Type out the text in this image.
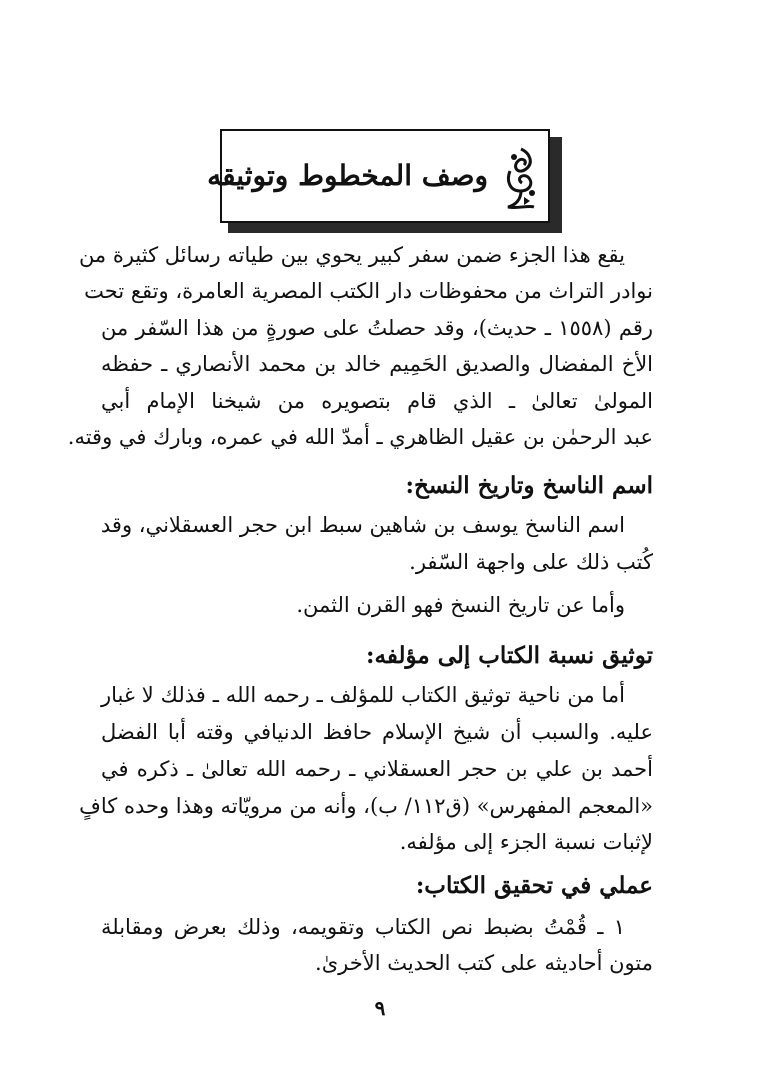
وصف المخطوط وتوثيقه
يقع هذا الجزء ضمن سفر كبير يحوي بين طياته رسائل كثيرة من
نوادر التراث من محفوظات دار الكتب المصرية العامرة، وتقع تحت
رقم (١٥٥٨ ـ حديث)، وقد حصلتُ على صورةٍ من هذا السّفر من
الأخ المفضال والصديق الحَمِيم خالد بن محمد الأنصاري ـ حفظه
المولىٰ تعالىٰ ـ الذي قام بتصويره من شيخنا الإمام أبي
عبد الرحمٰن بن عقيل الظاهري ـ أمدّ الله في عمره، وبارك في وقته.
اسم الناسخ وتاريخ النسخ:
اسم الناسخ يوسف بن شاهين سبط ابن حجر العسقلاني، وقد
كُتب ذلك على واجهة السّفر.
وأما عن تاريخ النسخ فهو القرن الثمن.
توثيق نسبة الكتاب إلى مؤلفه:
أما من ناحية توثيق الكتاب للمؤلف ـ رحمه الله ـ فذلك لا غبار
عليه. والسبب أن شيخ الإسلام حافظ الدنيافي وقته أبا الفضل
أحمد بن علي بن حجر العسقلاني ـ رحمه الله تعالىٰ ـ ذكره في
«المعجم المفهرس» (ق١١٢/ ب)، وأنه من مرويّاته وهذا وحده كافٍ
لإثبات نسبة الجزء إلى مؤلفه.
عملي في تحقيق الكتاب:
١ ـ قُمْتُ بضبط نص الكتاب وتقويمه، وذلك بعرض ومقابلة
متون أحاديثه على كتب الحديث الأخرىٰ.
٩
